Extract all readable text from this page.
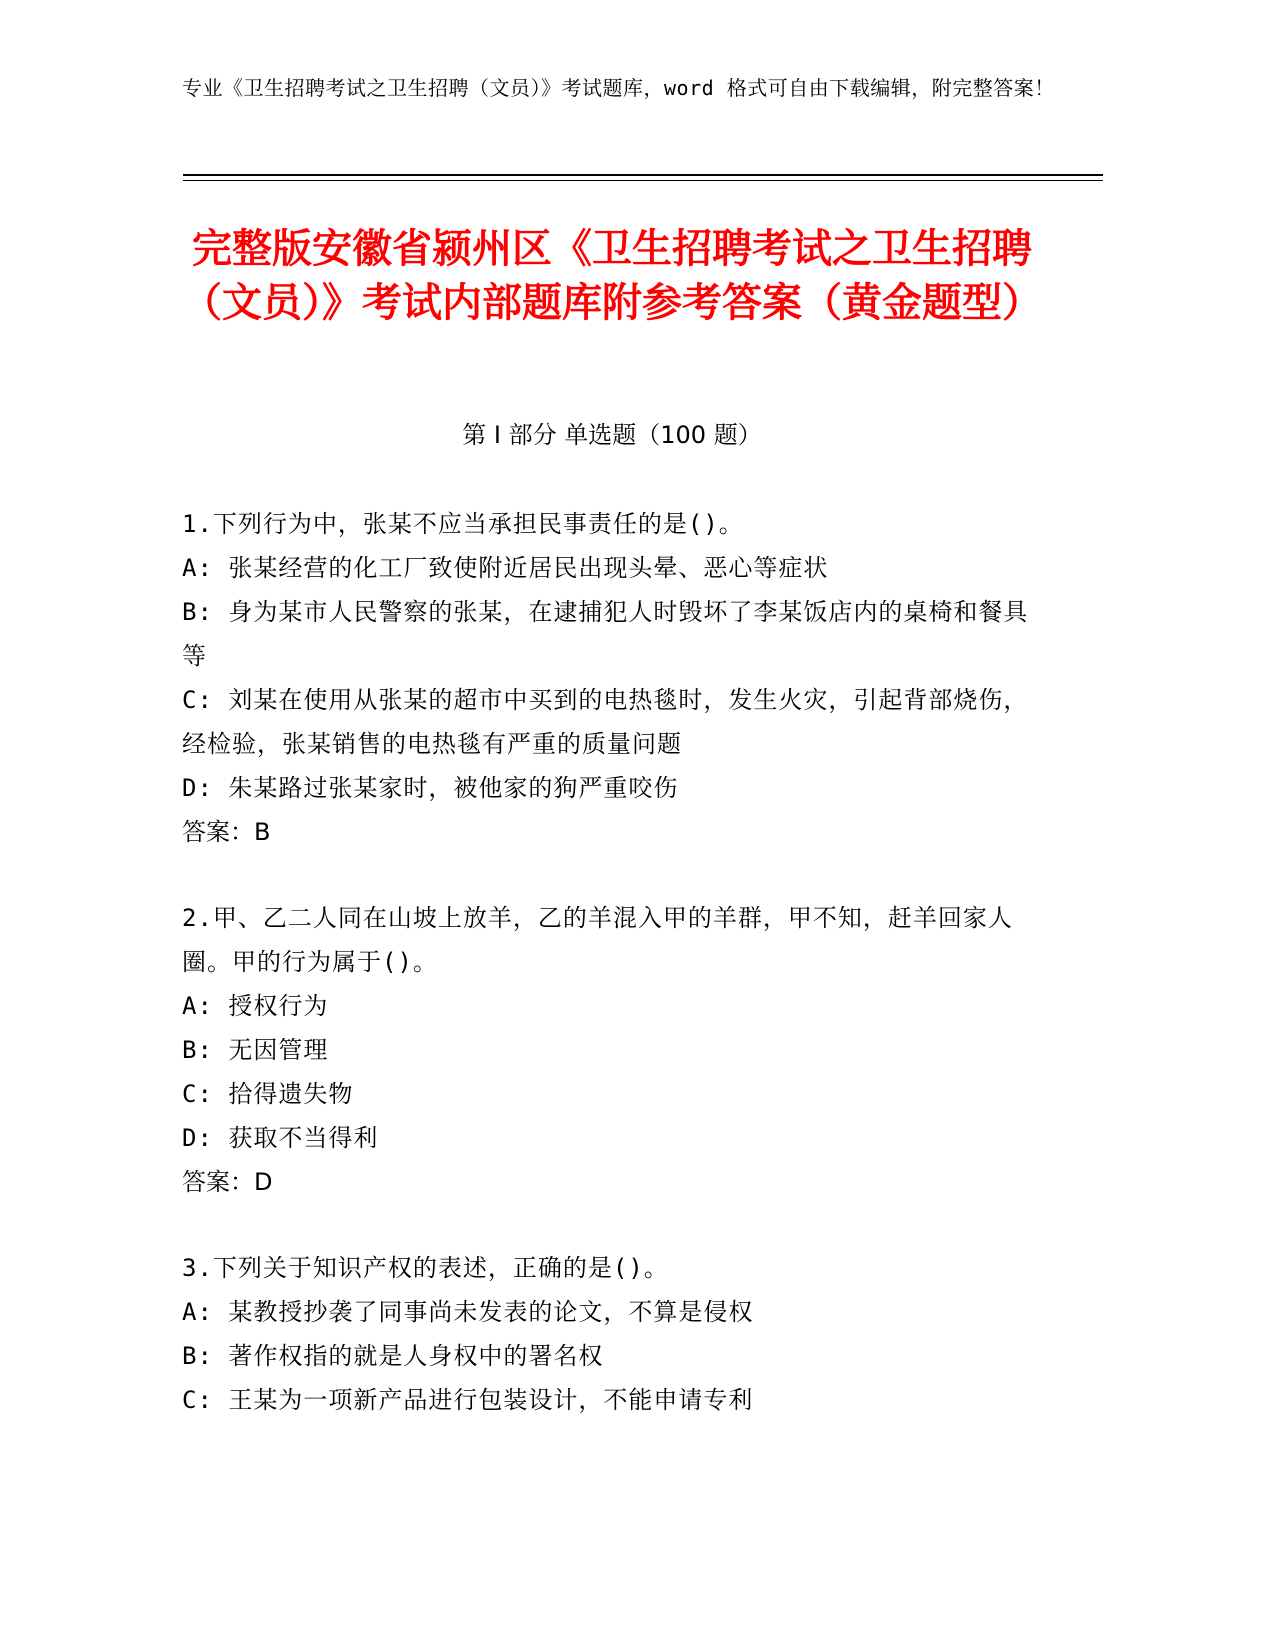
专业《卫生招聘考试之卫生招聘（文员）》考试题库，word 格式可自由下载编辑，附完整答案！
完整版安徽省颍州区《卫生招聘考试之卫生招聘（文员）》考试内部题库附参考答案（黄金题型）
第 I 部分 单选题（100 题）
1.下列行为中，张某不应当承担民事责任的是()。
A: 张某经营的化工厂致使附近居民出现头晕、恶心等症状
B: 身为某市人民警察的张某，在逮捕犯人时毁坏了李某饭店内的桌椅和餐具等
C: 刘某在使用从张某的超市中买到的电热毯时，发生火灾，引起背部烧伤，经检验，张某销售的电热毯有严重的质量问题
D: 朱某路过张某家时，被他家的狗严重咬伤
答案：B
2.甲、乙二人同在山坡上放羊，乙的羊混入甲的羊群，甲不知，赶羊回家人圈。甲的行为属于()。
A: 授权行为
B: 无因管理
C: 拾得遗失物
D: 获取不当得利
答案：D
3.下列关于知识产权的表述，正确的是()。
A: 某教授抄袭了同事尚未发表的论文，不算是侵权
B: 著作权指的就是人身权中的署名权
C: 王某为一项新产品进行包装设计，不能申请专利
